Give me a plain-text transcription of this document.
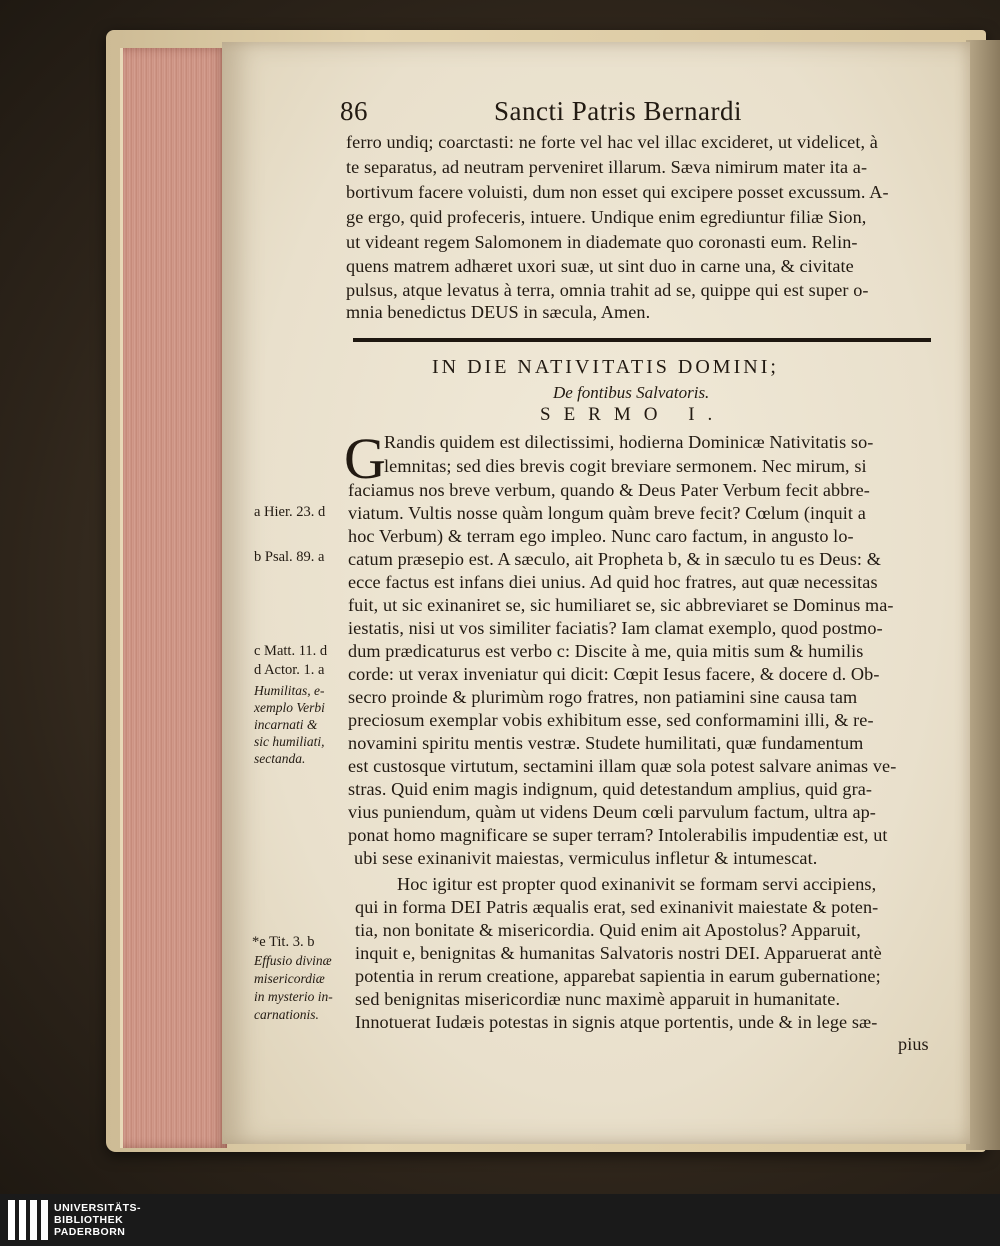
86	Sancti Patris Bernardi
ferro undiq; coarctasti: ne forte vel hac vel illac excideret, ut videlicet, à
te separatus, ad neutram perveniret illarum. Sæva nimirum mater ita a-
bortivum facere voluisti, dum non esset qui excipere posset excussum. A-
ge ergo, quid profeceris, intuere. Undique enim egrediuntur filiæ Sion,
ut videant regem Salomonem in diademate quo coronasti eum. Relin-
quens matrem adhæret uxori suæ, ut sint duo in carne una, & civitate
pulsus, atque levatus à terra, omnia trahit ad se, quippe qui est super o-
mnia benedictus DEUS in sæcula, Amen.
IN DIE NATIVITATIS DOMINI;
De fontibus Salvatoris.
SERMO I.
G
Randis quidem est dilectissimi, hodierna Dominicæ Nativitatis so-
lemnitas; sed dies brevis cogit breviare sermonem. Nec mirum, si
faciamus nos breve verbum, quando & Deus Pater Verbum fecit abbre-
viatum. Vultis nosse quàm longum quàm breve fecit? Cœlum (inquit a
hoc Verbum) & terram ego impleo. Nunc caro factum, in angusto lo-
catum præsepio est. A sæculo, ait Propheta b, & in sæculo tu es Deus: &
ecce factus est infans diei unius. Ad quid hoc fratres, aut quæ necessitas
fuit, ut sic exinaniret se, sic humiliaret se, sic abbreviaret se Dominus ma-
iestatis, nisi ut vos similiter faciatis? Iam clamat exemplo, quod postmo-
dum prædicaturus est verbo c: Discite à me, quia mitis sum & humilis
corde: ut verax inveniatur qui dicit: Cœpit Iesus facere, & docere d. Ob-
secro proinde & plurimùm rogo fratres, non patiamini sine causa tam
preciosum exemplar vobis exhibitum esse, sed conformamini illi, & re-
novamini spiritu mentis vestræ. Studete humilitati, quæ fundamentum
est custosque virtutum, sectamini illam quæ sola potest salvare animas ve-
stras. Quid enim magis indignum, quid detestandum amplius, quid gra-
vius puniendum, quàm ut videns Deum cœli parvulum factum, ultra ap-
ponat homo magnificare se super terram? Intolerabilis impudentiæ est, ut
ubi sese exinanivit maiestas, vermiculus infletur & intumescat.
Hoc igitur est propter quod exinanivit se formam servi accipiens,
qui in forma DEI Patris æqualis erat, sed exinanivit maiestate & poten-
tia, non bonitate & misericordia. Quid enim ait Apostolus? Apparuit,
inquit e, benignitas & humanitas Salvatoris nostri DEI. Apparuerat antè
potentia in rerum creatione, apparebat sapientia in earum gubernatione;
sed benignitas misericordiæ nunc maximè apparuit in humanitate.
Innotuerat Iudæis potestas in signis atque portentis, unde & in lege sæ-
pius
a Hier. 23. d
b Psal. 89. a
c Matt. 11. d
d Actor. 1. a
Humilitas, e-
xemplo Verbi
incarnati &
sic humiliati,
sectanda.
*e Tit. 3. b
Effusio divinæ
misericordiæ
in mysterio in-
carnationis.
UNIVERSITÄTS-
BIBLIOTHEK
PADERBORN
